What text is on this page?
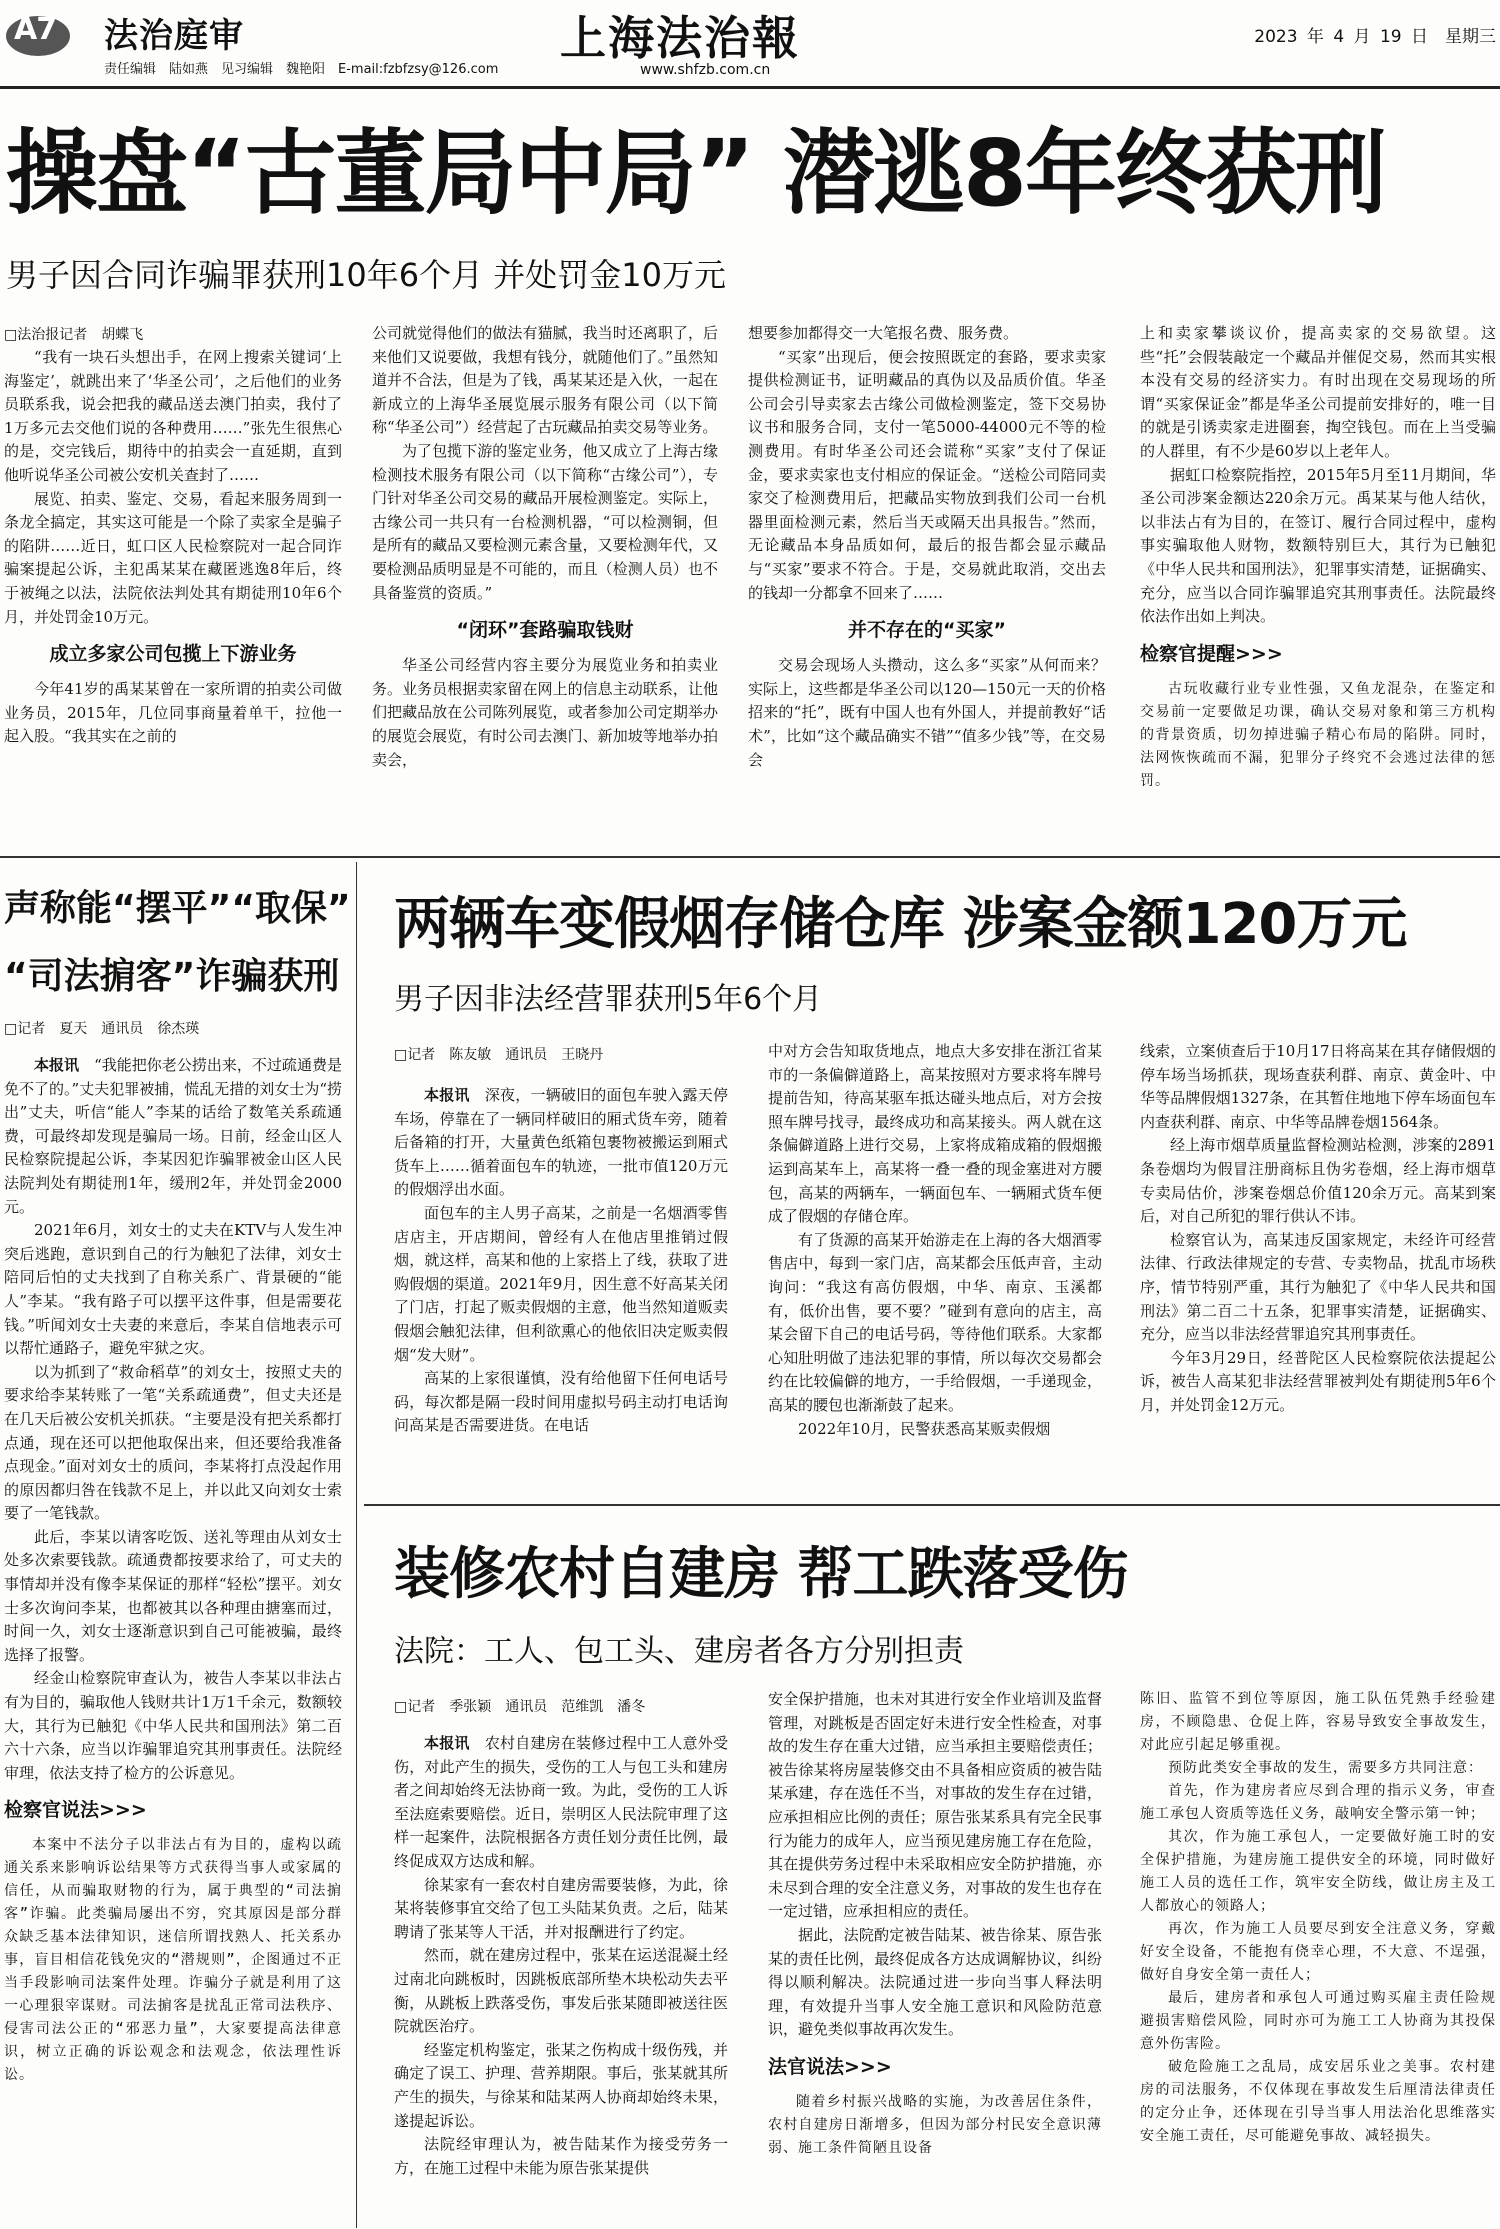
A7 法治庭审
责任编辑　陆如燕　见习编辑　魏艳阳　E-mail:fzbfzsy@126.com
上海法治報
www.shfzb.com.cn
2023 年 4 月 19 日　星期三
操盘“古董局中局” 潜逃8年终获刑
男子因合同诈骗罪获刑10年6个月 并处罚金10万元
□法治报记者　胡蝶飞

“我有一块石头想出手，在网上搜索关键词‘上海鉴定’，就跳出来了‘华圣公司’，之后他们的业务员联系我，说会把我的藏品送去澳门拍卖，我付了1万多元去交他们说的各种费用……”张先生很焦心的是，交完钱后，期待中的拍卖会一直延期，直到他听说华圣公司被公安机关查封了……

展览、拍卖、鉴定、交易，看起来服务周到一条龙全搞定，其实这可能是一个除了卖家全是骗子的陷阱……近日，虹口区人民检察院对一起合同诈骗案提起公诉，主犯禹某某在藏匿逃逸8年后，终于被绳之以法，法院依法判处其有期徒刑10年6个月，并处罚金10万元。

成立多家公司包揽上下游业务

今年41岁的禹某某曾在一家所谓的拍卖公司做业务员，2015年，几位同事商量着单干，拉他一起入股。“我其实在之前的

公司就觉得他们的做法有猫腻，我当时还离职了，后来他们又说要做，我想有钱分，就随他们了。”虽然知道并不合法，但是为了钱，禹某某还是入伙，一起在新成立的上海华圣展览展示服务有限公司（以下简称“华圣公司”）经营起了古玩藏品拍卖交易等业务。

为了包揽下游的鉴定业务，他又成立了上海古缘检测技术服务有限公司（以下简称“古缘公司”），专门针对华圣公司交易的藏品开展检测鉴定。实际上，古缘公司一共只有一台检测机器，“可以检测铜，但是所有的藏品又要检测元素含量，又要检测年代，又要检测品质明显是不可能的，而且（检测人员）也不具备鉴赏的资质。”

“闭环”套路骗取钱财

华圣公司经营内容主要分为展览业务和拍卖业务。业务员根据卖家留在网上的信息主动联系，让他们把藏品放在公司陈列展览，或者参加公司定期举办的展览会展览，有时公司去澳门、新加坡等地举办拍卖会，

想要参加都得交一大笔报名费、服务费。

“买家”出现后，便会按照既定的套路，要求卖家提供检测证书，证明藏品的真伪以及品质价值。华圣公司会引导卖家去古缘公司做检测鉴定，签下交易协议书和服务合同，支付一笔5000-44000元不等的检测费用。有时华圣公司还会谎称“买家”支付了保证金，要求卖家也支付相应的保证金。“送检公司陪同卖家交了检测费用后，把藏品实物放到我们公司一台机器里面检测元素，然后当天或隔天出具报告。”然而，无论藏品本身品质如何，最后的报告都会显示藏品与“买家”要求不符合。于是，交易就此取消，交出去的钱却一分都拿不回来了……

并不存在的“买家”

交易会现场人头攒动，这么多“买家”从何而来？实际上，这些都是华圣公司以120—150元一天的价格招来的“托”，既有中国人也有外国人，并提前教好“话术”，比如“这个藏品确实不错”“值多少钱”等，在交易会

上和卖家攀谈议价，提高卖家的交易欲望。这些“托”会假装敲定一个藏品并催促交易，然而其实根本没有交易的经济实力。有时出现在交易现场的所谓“买家保证金”都是华圣公司提前安排好的，唯一目的就是引诱卖家走进圈套，掏空钱包。而在上当受骗的人群里，有不少是60岁以上老年人。

据虹口检察院指控，2015年5月至11月期间，华圣公司涉案金额达220余万元。禹某某与他人结伙，以非法占有为目的，在签订、履行合同过程中，虚构事实骗取他人财物，数额特别巨大，其行为已触犯《中华人民共和国刑法》，犯罪事实清楚，证据确实、充分，应当以合同诈骗罪追究其刑事责任。法院最终依法作出如上判决。

检察官提醒>>>

古玩收藏行业专业性强，又鱼龙混杂，在鉴定和交易前一定要做足功课，确认交易对象和第三方机构的背景资质，切勿掉进骗子精心布局的陷阱。同时，法网恢恢疏而不漏，犯罪分子终究不会逃过法律的惩罚。

声称能“摆平”“取保”
“司法掮客”诈骗获刑
□记者　夏天　通讯员　徐杰瑛

本报讯　 “我能把你老公捞出来，不过疏通费是免不了的。”丈夫犯罪被捕，慌乱无措的刘女士为“捞出”丈夫，听信“能人”李某的话给了数笔关系疏通费，可最终却发现是骗局一场。日前，经金山区人民检察院提起公诉，李某因犯诈骗罪被金山区人民法院判处有期徒刑1年，缓刑2年，并处罚金2000元。

2021年6月，刘女士的丈夫在KTV与人发生冲突后逃跑，意识到自己的行为触犯了法律，刘女士陪同后怕的丈夫找到了自称关系广、背景硬的“能人”李某。“我有路子可以摆平这件事，但是需要花钱。”听闻刘女士夫妻的来意后，李某自信地表示可以帮忙通路子，避免牢狱之灾。

以为抓到了“救命稻草”的刘女士，按照丈夫的要求给李某转账了一笔“关系疏通费”，但丈夫还是在几天后被公安机关抓获。“主要是没有把关系都打点通，现在还可以把他取保出来，但还要给我准备点现金。”面对刘女士的质问，李某将打点没起作用的原因都归咎在钱款不足上，并以此又向刘女士索要了一笔钱款。

此后，李某以请客吃饭、送礼等理由从刘女士处多次索要钱款。疏通费都按要求给了，可丈夫的事情却并没有像李某保证的那样“轻松”摆平。刘女士多次询问李某，也都被其以各种理由搪塞而过，时间一久，刘女士逐渐意识到自己可能被骗，最终选择了报警。

经金山检察院审查认为，被告人李某以非法占有为目的，骗取他人钱财共计1万1千余元，数额较大，其行为已触犯《中华人民共和国刑法》第二百六十六条，应当以诈骗罪追究其刑事责任。法院经审理，依法支持了检方的公诉意见。

检察官说法>>>

本案中不法分子以非法占有为目的，虚构以疏通关系来影响诉讼结果等方式获得当事人或家属的信任，从而骗取财物的行为，属于典型的“司法掮客”诈骗。此类骗局屡出不穷，究其原因是部分群众缺乏基本法律知识，迷信所谓找熟人、托关系办事，盲目相信花钱免灾的“潜规则”，企图通过不正当手段影响司法案件处理。诈骗分子就是利用了这一心理狠宰谋财。司法掮客是扰乱正常司法秩序、侵害司法公正的“邪恶力量”，大家要提高法律意识，树立正确的诉讼观念和法观念，依法理性诉讼。

两辆车变假烟存储仓库 涉案金额120万元
男子因非法经营罪获刑5年6个月
□记者　陈友敏　通讯员　王晓丹

本报讯　 深夜，一辆破旧的面包车驶入露天停车场，停靠在了一辆同样破旧的厢式货车旁，随着后备箱的打开，大量黄色纸箱包裹物被搬运到厢式货车上……循着面包车的轨迹，一批市值120万元的假烟浮出水面。

面包车的主人男子高某，之前是一名烟酒零售店店主，开店期间，曾经有人在他店里推销过假烟，就这样，高某和他的上家搭上了线，获取了进购假烟的渠道。2021年9月，因生意不好高某关闭了门店，打起了贩卖假烟的主意，他当然知道贩卖假烟会触犯法律，但利欲熏心的他依旧决定贩卖假烟“发大财”。

高某的上家很谨慎，没有给他留下任何电话号码，每次都是隔一段时间用虚拟号码主动打电话询问高某是否需要进货。在电话

中对方会告知取货地点，地点大多安排在浙江省某市的一条偏僻道路上，高某按照对方要求将车牌号提前告知，待高某驱车抵达碰头地点后，对方会按照车牌号找寻，最终成功和高某接头。两人就在这条偏僻道路上进行交易，上家将成箱成箱的假烟搬运到高某车上，高某将一叠一叠的现金塞进对方腰包，高某的两辆车，一辆面包车、一辆厢式货车便成了假烟的存储仓库。

有了货源的高某开始游走在上海的各大烟酒零售店中，每到一家门店，高某都会压低声音，主动询问：“我这有高仿假烟，中华、南京、玉溪都有，低价出售，要不要？”碰到有意向的店主，高某会留下自己的电话号码，等待他们联系。大家都心知肚明做了违法犯罪的事情，所以每次交易都会约在比较偏僻的地方，一手给假烟，一手递现金，高某的腰包也渐渐鼓了起来。

2022年10月，民警获悉高某贩卖假烟

线索，立案侦查后于10月17日将高某在其存储假烟的停车场当场抓获，现场查获利群、南京、黄金叶、中华等品牌假烟1327条，在其暂住地地下停车场面包车内查获利群、南京、中华等品牌卷烟1564条。

经上海市烟草质量监督检测站检测，涉案的2891条卷烟均为假冒注册商标且伪劣卷烟，经上海市烟草专卖局估价，涉案卷烟总价值120余万元。高某到案后，对自己所犯的罪行供认不讳。

检察官认为，高某违反国家规定，未经许可经营法律、行政法律规定的专营、专卖物品，扰乱市场秩序，情节特别严重，其行为触犯了《中华人民共和国刑法》第二百二十五条，犯罪事实清楚，证据确实、充分，应当以非法经营罪追究其刑事责任。

今年3月29日，经普陀区人民检察院依法提起公诉，被告人高某犯非法经营罪被判处有期徒刑5年6个月，并处罚金12万元。

装修农村自建房 帮工跌落受伤
法院：工人、包工头、建房者各方分别担责
□记者　季张颖　通讯员　范维凯　潘冬

本报讯　 农村自建房在装修过程中工人意外受伤，对此产生的损失，受伤的工人与包工头和建房者之间却始终无法协商一致。为此，受伤的工人诉至法庭索要赔偿。近日，崇明区人民法院审理了这样一起案件，法院根据各方责任划分责任比例，最终促成双方达成和解。

徐某家有一套农村自建房需要装修，为此，徐某将装修事宜交给了包工头陆某负责。之后，陆某聘请了张某等人干活，并对报酬进行了约定。

然而，就在建房过程中，张某在运送混凝土经过南北向跳板时，因跳板底部所垫木块松动失去平衡，从跳板上跌落受伤，事发后张某随即被送往医院就医治疗。

经鉴定机构鉴定，张某之伤构成十级伤残，并确定了误工、护理、营养期限。事后，张某就其所产生的损失，与徐某和陆某两人协商却始终未果，遂提起诉讼。

法院经审理认为，被告陆某作为接受劳务一方，在施工过程中未能为原告张某提供

安全保护措施，也未对其进行安全作业培训及监督管理，对跳板是否固定好未进行安全性检查，对事故的发生存在重大过错，应当承担主要赔偿责任；被告徐某将房屋装修交由不具备相应资质的被告陆某承建，存在选任不当，对事故的发生存在过错，应承担相应比例的责任；原告张某系具有完全民事行为能力的成年人，应当预见建房施工存在危险，其在提供劳务过程中未采取相应安全防护措施，亦未尽到合理的安全注意义务，对事故的发生也存在一定过错，应承担相应的责任。

据此，法院酌定被告陆某、被告徐某、原告张某的责任比例，最终促成各方达成调解协议，纠纷得以顺利解决。法院通过进一步向当事人释法明理，有效提升当事人安全施工意识和风险防范意识，避免类似事故再次发生。

法官说法>>>

随着乡村振兴战略的实施，为改善居住条件，农村自建房日渐增多，但因为部分村民安全意识薄弱、施工条件简陋且设备

陈旧、监管不到位等原因，施工队伍凭熟手经验建房，不顾隐患、仓促上阵，容易导致安全事故发生，对此应引起足够重视。

预防此类安全事故的发生，需要多方共同注意：

首先，作为建房者应尽到合理的指示义务，审查施工承包人资质等选任义务，敲响安全警示第一钟；

其次，作为施工承包人，一定要做好施工时的安全保护措施，为建房施工提供安全的环境，同时做好施工人员的选任工作，筑牢安全防线，做让房主及工人都放心的领路人；

再次，作为施工人员要尽到安全注意义务，穿戴好安全设备，不能抱有侥幸心理，不大意、不逞强，做好自身安全第一责任人；

最后，建房者和承包人可通过购买雇主责任险规避损害赔偿风险，同时亦可为施工工人协商为其投保意外伤害险。

破危险施工之乱局，成安居乐业之美事。农村建房的司法服务，不仅体现在事故发生后厘清法律责任的定分止争，还体现在引导当事人用法治化思维落实安全施工责任，尽可能避免事故、减轻损失。
